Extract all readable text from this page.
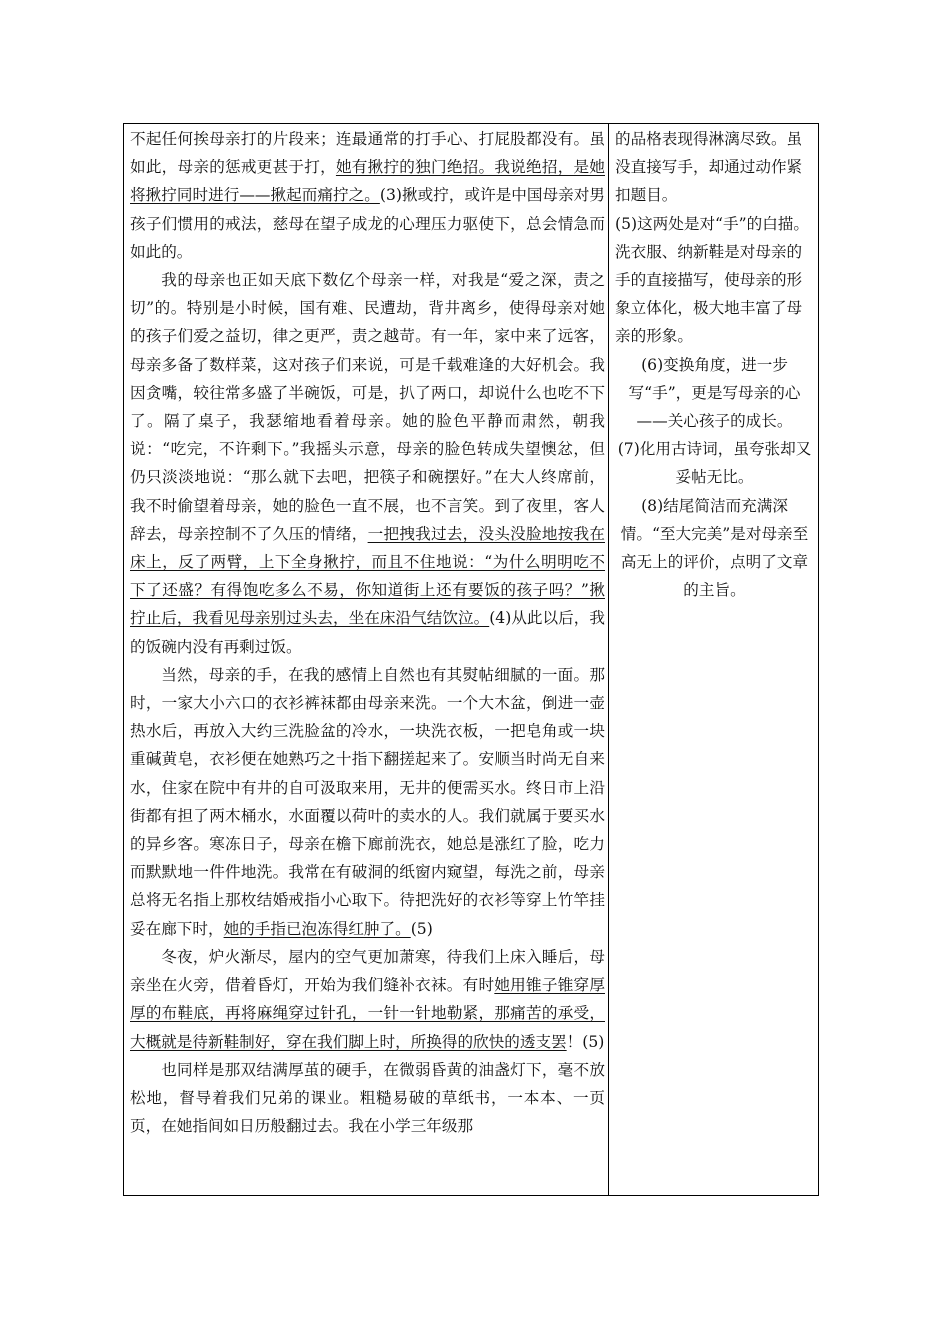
不起任何挨母亲打的片段来；连最通常的打手心、打屁股都没有。虽如此，母亲的惩戒更甚于打，她有揪拧的独门绝招。我说绝招，是她将揪拧同时进行——揪起而痛拧之。(3)揪或拧，或许是中国母亲对男孩子们惯用的戒法，慈母在望子成龙的心理压力驱使下，总会情急而如此的。

我的母亲也正如天底下数亿个母亲一样，对我是“爱之深，责之切”的。特别是小时候，国有难、民遭劫，背井离乡，使得母亲对她的孩子们爱之益切，律之更严，责之越苛。有一年，家中来了远客，母亲多备了数样菜，这对孩子们来说，可是千载难逢的大好机会。我因贪嘴，较往常多盛了半碗饭，可是，扒了两口，却说什么也吃不下了。隔了桌子，我瑟缩地看着母亲。她的脸色平静而肃然，朝我说：“吃完，不许剩下。”我摇头示意，母亲的脸色转成失望懊忿，但仍只淡淡地说：“那么就下去吧，把筷子和碗摆好。”在大人终席前，我不时偷望着母亲，她的脸色一直不展，也不言笑。到了夜里，客人辞去，母亲控制不了久压的情绪，一把拽我过去，没头没脸地按我在床上，反了两臂，上下全身揪拧，而且不住地说：“为什么明明吃不下了还盛？有得饱吃多么不易，你知道街上还有要饭的孩子吗？”揪拧止后，我看见母亲别过头去，坐在床沿气结饮泣。(4)从此以后，我的饭碗内没有再剩过饭。

当然，母亲的手，在我的感情上自然也有其熨帖细腻的一面。那时，一家大小六口的衣衫裤袜都由母亲来洗。一个大木盆，倒进一壶热水后，再放入大约三洗脸盆的冷水，一块洗衣板，一把皂角或一块重碱黄皂，衣衫便在她熟巧之十指下翻搓起来了。安顺当时尚无自来水，住家在院中有井的自可汲取来用，无井的便需买水。终日市上沿街都有担了两木桶水，水面覆以荷叶的卖水的人。我们就属于要买水的异乡客。寒冻日子，母亲在檐下廊前洗衣，她总是涨红了脸，吃力而默默地一件件地洗。我常在有破洞的纸窗内窥望，每洗之前，母亲总将无名指上那枚结婚戒指小心取下。待把洗好的衣衫等穿上竹竿挂妥在廊下时，她的手指已泡冻得红肿了。(5)

冬夜，炉火渐尽，屋内的空气更加萧寒，待我们上床入睡后，母亲坐在火旁，借着昏灯，开始为我们缝补衣袜。有时她用锥子锥穿厚厚的布鞋底，再将麻绳穿过针孔，一针一针地勒紧，那痛苦的承受，大概就是待新鞋制好，穿在我们脚上时，所换得的欣快的透支罢！(5)

也同样是那双结满厚茧的硬手，在微弱昏黄的油盏灯下，毫不放松地，督导着我们兄弟的课业。粗糙易破的草纸书，一本本、一页页，在她指间如日历般翻过去。我在小学三年级那

的品格表现得淋漓尽致。虽没直接写手，却通过动作紧扣题目。

(5)这两处是对“手”的白描。洗衣服、纳新鞋是对母亲的手的直接描写，使母亲的形象立体化，极大地丰富了母亲的形象。

(6)变换角度，进一步写“手”，更是写母亲的心——关心孩子的成长。

(7)化用古诗词，虽夸张却又妥帖无比。

(8)结尾简洁而充满深情。“至大完美”是对母亲至高无上的评价，点明了文章的主旨。
